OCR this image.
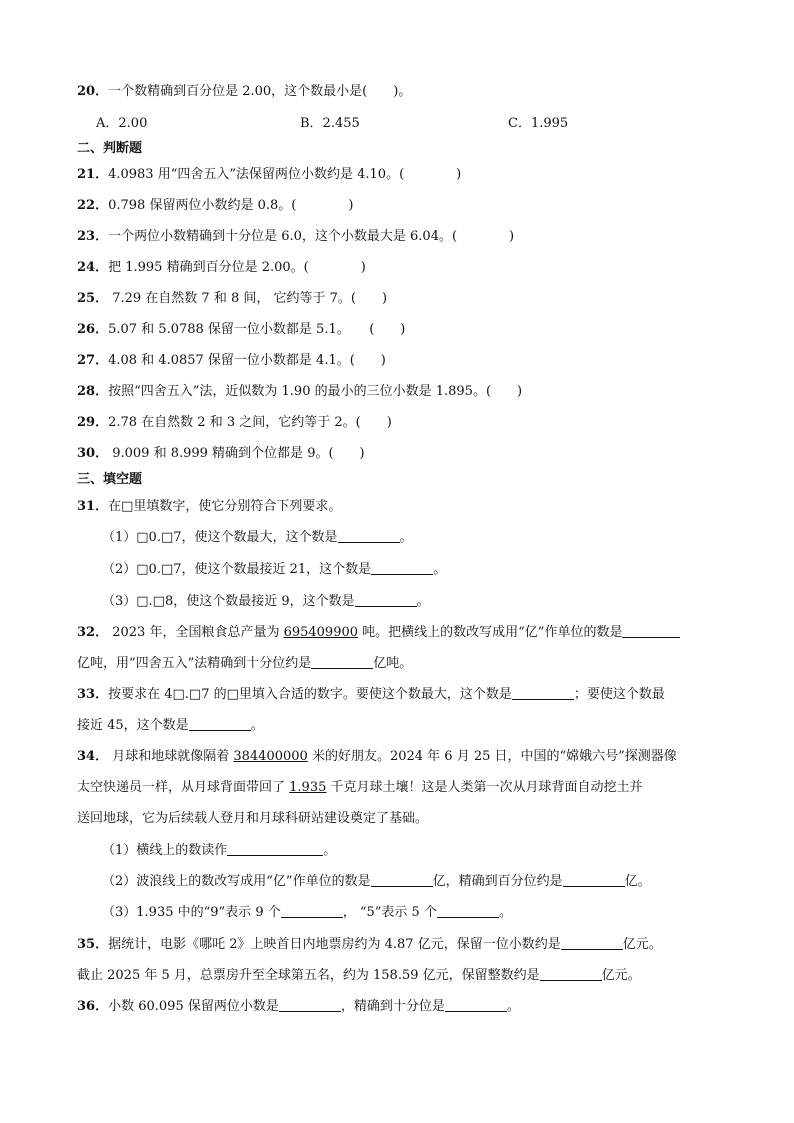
20．一个数精确到百分位是 2.00，这个数最小是(　　)。
A．2.00	B．2.455	C．1.995
二、判断题
21．4.0983 用“四舍五入”法保留两位小数约是 4.10。(　　　　)
22．0.798 保留两位小数约是 0.8。(　　　　)
23．一个两位小数精确到十分位是 6.0，这个小数最大是 6.04。(　　　　)
24．把 1.995 精确到百分位是 2.00。(　　　　)
25． 7.29 在自然数 7 和 8 间， 它约等于 7。(　　)
26．5.07 和 5.0788 保留一位小数都是 5.1。　　(　　)
27．4.08 和 4.0857 保留一位小数都是 4.1。(　　)
28．按照“四舍五入”法，近似数为 1.90 的最小的三位小数是 1.895。(　　)
29．2.78 在自然数 2 和 3 之间，它约等于 2。(　　)
30． 9.009 和 8.999 精确到个位都是 9。(　　)
三、填空题
31．在□里填数字，使它分别符合下列要求。
（1）□0.□7，使这个数最大，这个数是	。
（2）□0.□7，使这个数最接近 21，这个数是	。
（3）□.□8，使这个数最接近 9，这个数是	。
32． 2023 年，全国粮食总产量为 695409900 吨。把横线上的数改写成用“亿”作单位的数是
亿吨，用“四舍五入”法精确到十分位约是	亿吨。
33．按要求在 4□.□7 的□里填入合适的数字。要使这个数最大，这个数是	；要使这个数最
接近 45，这个数是	。
34． 月球和地球就像隔着 384400000 米的好朋友。2024 年 6 月 25 日，中国的“嫦娥六号”探测器像
太空快递员一样，从月球背面带回了 1.935 千克月球土壤！这是人类第一次从月球背面自动挖土并
送回地球，它为后续载人登月和月球科研站建设奠定了基础。
（1）横线上的数读作	。
（2）波浪线上的数改写成用“亿”作单位的数是	亿，精确到百分位约是	亿。
（3）1.935 中的“9”表示 9 个	， “5”表示 5 个	。
35．据统计，电影《哪吒 2》上映首日内地票房约为 4.87 亿元，保留一位小数约是	亿元。
截止 2025 年 5 月，总票房升至全球第五名，约为 158.59 亿元，保留整数约是	亿元。
36．小数 60.095 保留两位小数是	，精确到十分位是	。
